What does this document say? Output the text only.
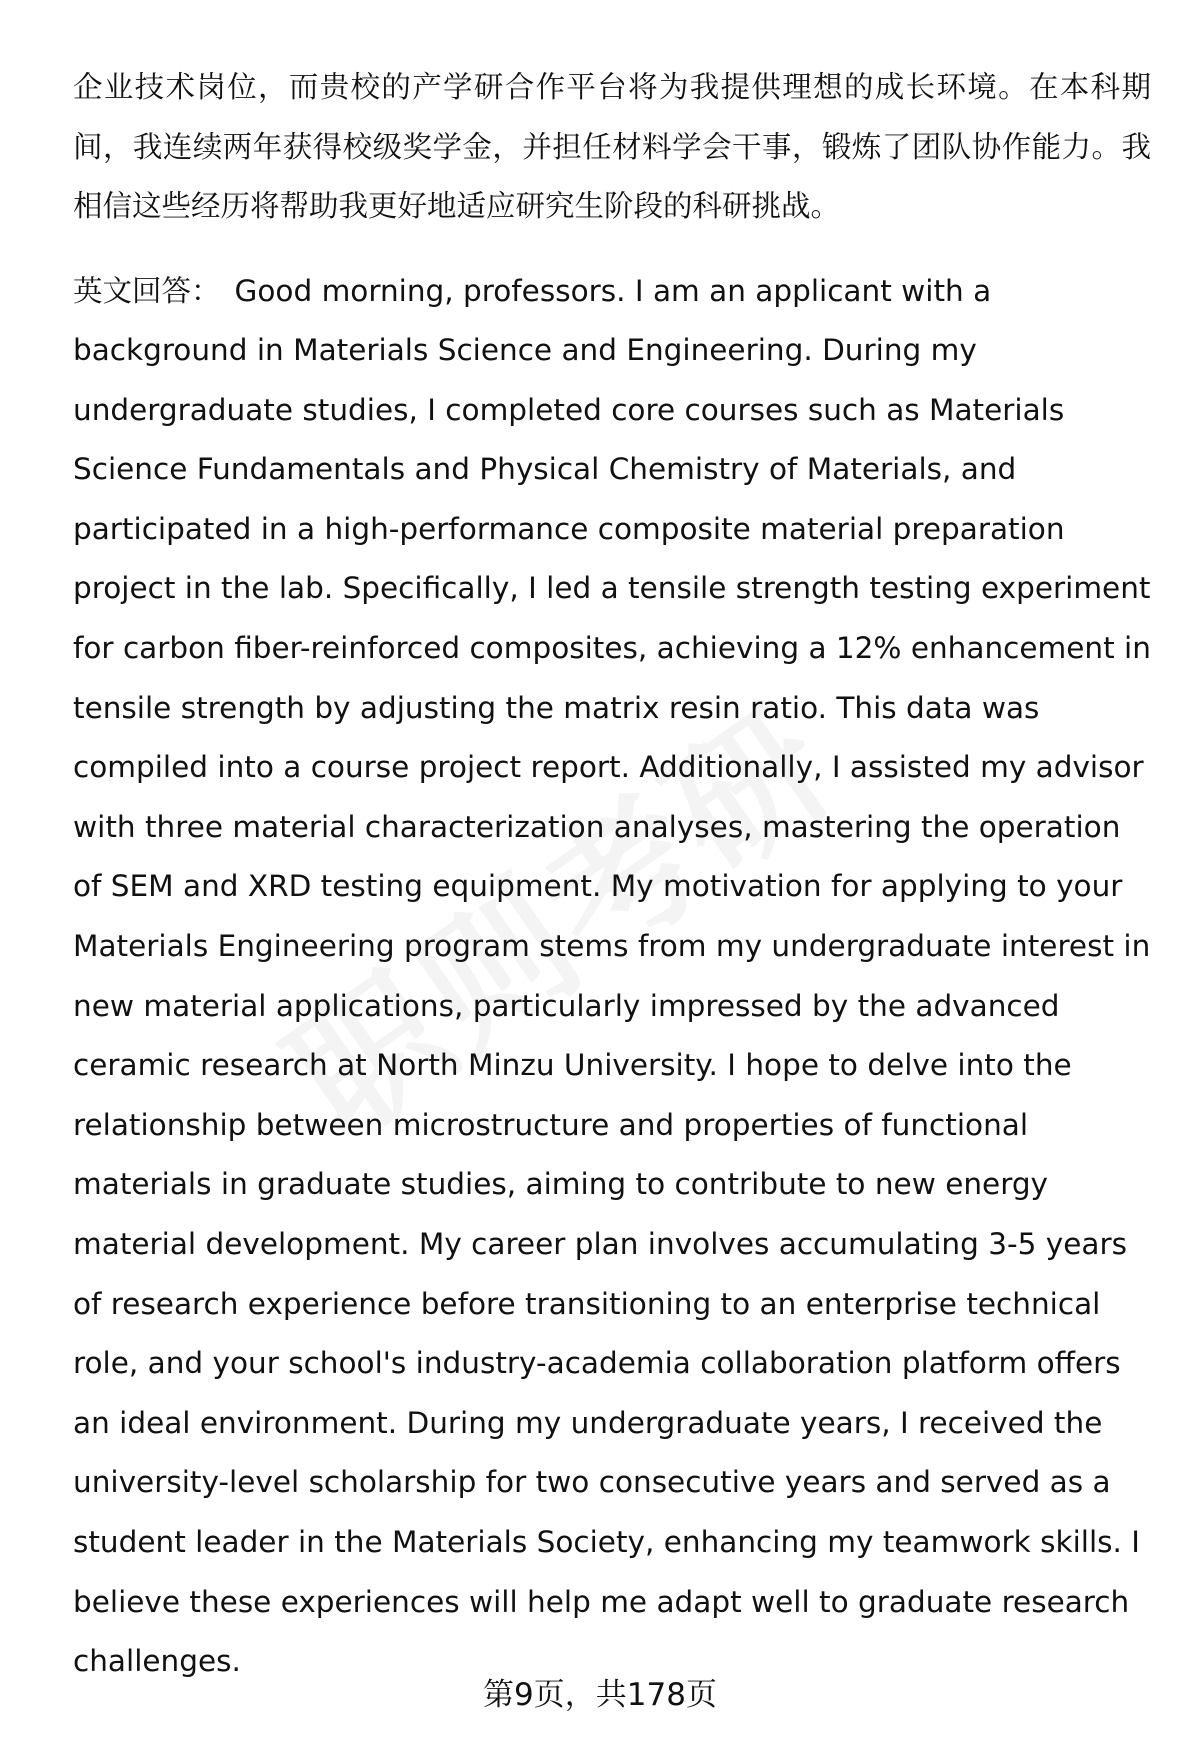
企业技术岗位，而贵校的产学研合作平台将为我提供理想的成长环境。在本科期间，我连续两年获得校级奖学金，并担任材料学会干事，锻炼了团队协作能力。我相信这些经历将帮助我更好地适应研究生阶段的科研挑战。

英文回答： Good morning, professors. I am an applicant with a background in Materials Science and Engineering. During my undergraduate studies, I completed core courses such as Materials Science Fundamentals and Physical Chemistry of Materials, and participated in a high-performance composite material preparation project in the lab. Specifically, I led a tensile strength testing experiment for carbon fiber-reinforced composites, achieving a 12% enhancement in tensile strength by adjusting the matrix resin ratio. This data was compiled into a course project report. Additionally, I assisted my advisor with three material characterization analyses, mastering the operation of SEM and XRD testing equipment. My motivation for applying to your Materials Engineering program stems from my undergraduate interest in new material applications, particularly impressed by the advanced ceramic research at North Minzu University. I hope to delve into the relationship between microstructure and properties of functional materials in graduate studies, aiming to contribute to new energy material development. My career plan involves accumulating 3-5 years of research experience before transitioning to an enterprise technical role, and your school's industry-academia collaboration platform offers an ideal environment. During my undergraduate years, I received the university-level scholarship for two consecutive years and served as a student leader in the Materials Society, enhancing my teamwork skills. I believe these experiences will help me adapt well to graduate research challenges.

第9页，共178页
